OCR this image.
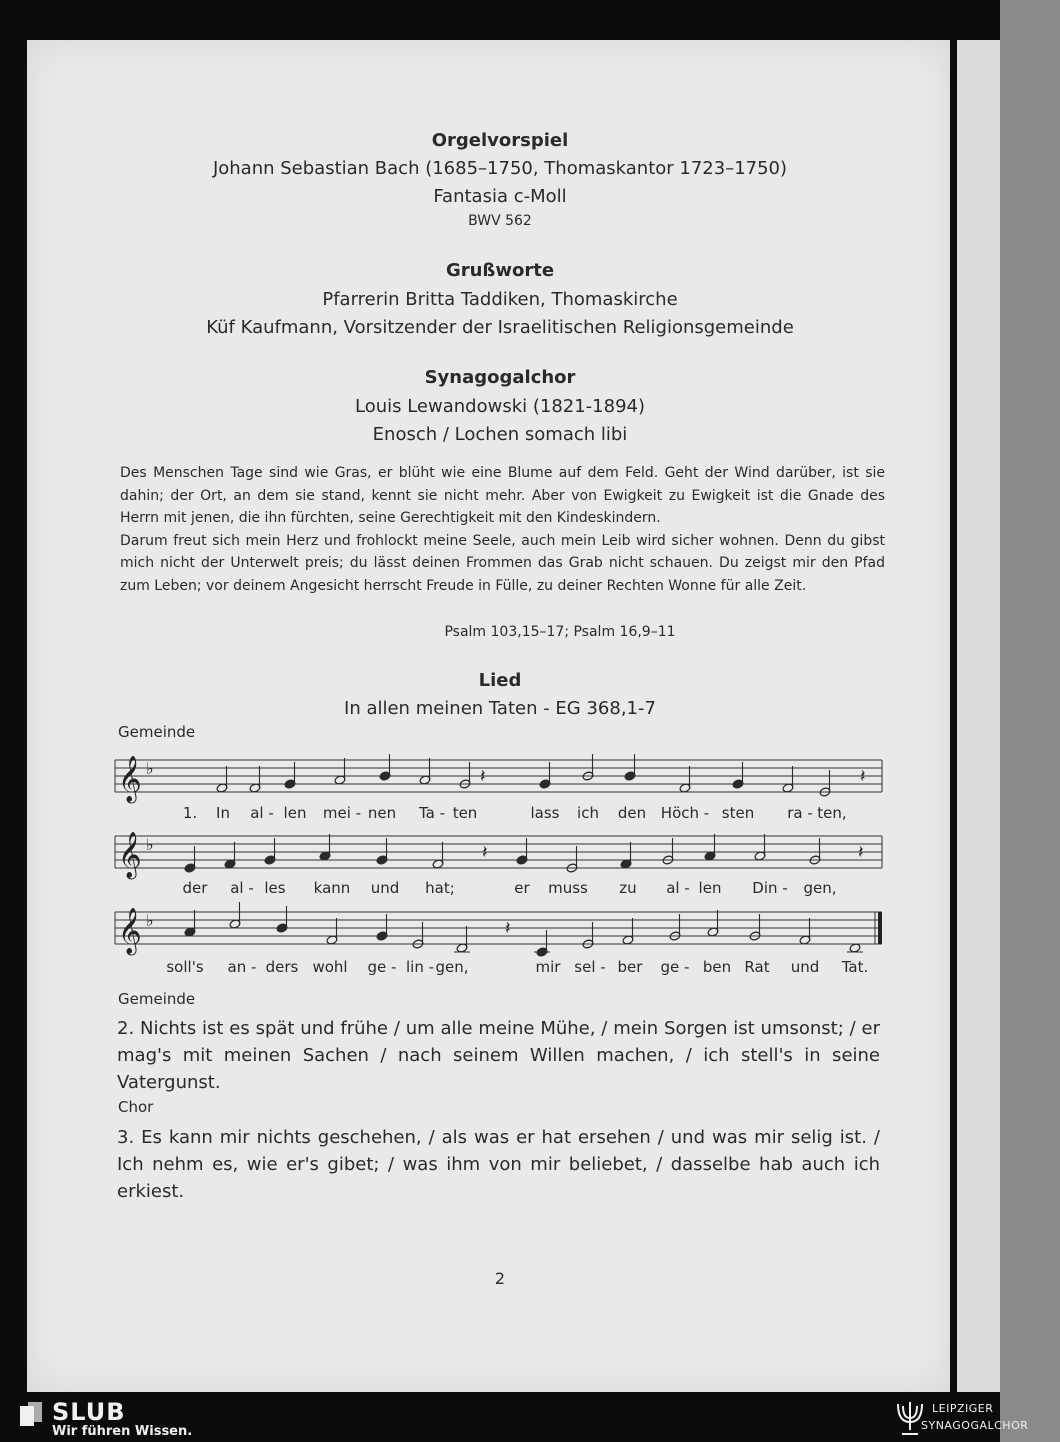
Orgelvorspiel
Johann Sebastian Bach (1685–1750, Thomaskantor 1723–1750)
Fantasia c-Moll
BWV 562
Grußworte
Pfarrerin Britta Taddiken, Thomaskirche
Küf Kaufmann, Vorsitzender der Israelitischen Religionsgemeinde
Synagogalchor
Louis Lewandowski (1821-1894)
Enosch / Lochen somach libi

Des Menschen Tage sind wie Gras, er blüht wie eine Blume auf dem Feld. Geht der Wind darüber, ist sie dahin; der Ort, an dem sie stand, kennt sie nicht mehr. Aber von Ewigkeit zu Ewigkeit ist die Gnade des Herrn mit jenen, die ihn fürchten, seine Gerechtigkeit mit den Kindeskindern.

Darum freut sich mein Herz und frohlockt meine Seele, auch mein Leib wird sicher wohnen. Denn du gibst mich nicht der Unterwelt preis; du lässt deinen Frommen das Grab nicht schauen. Du zeigst mir den Pfad zum Leben; vor deinem Angesicht herrscht Freude in Fülle, zu deiner Rechten Wonne für alle Zeit.

Psalm 103,15–17; Psalm 16,9–11
Lied
In allen meinen Taten - EG 368,1-7
Gemeinde
𝄞 ♭	𝄽	𝄽
1. In al - len mei - nen Ta - ten	lass ich den Höch - sten ra - ten,
𝄞 ♭	𝄽	𝄽
der al - les kann und hat;	er muss zu al - len Din - gen,
𝄞 ♭	𝄽
soll's an - ders wohl ge - lin - gen,	mir sel - ber ge - ben Rat und Tat.
Gemeinde
2. Nichts ist es spät und frühe / um alle meine Mühe, / mein Sorgen ist umsonst; / er mag's mit meinen Sachen / nach seinem Willen machen, / ich stell's in seine Vatergunst.
Chor
3. Es kann mir nichts geschehen, / als was er hat ersehen / und was mir selig ist. / Ich nehm es, wie er's gibet; / was ihm von mir beliebet, / dasselbe hab auch ich erkiest.
2
SLUB
Wir führen Wissen.
LEIPZIGER
SYNAGOGALCHOR
